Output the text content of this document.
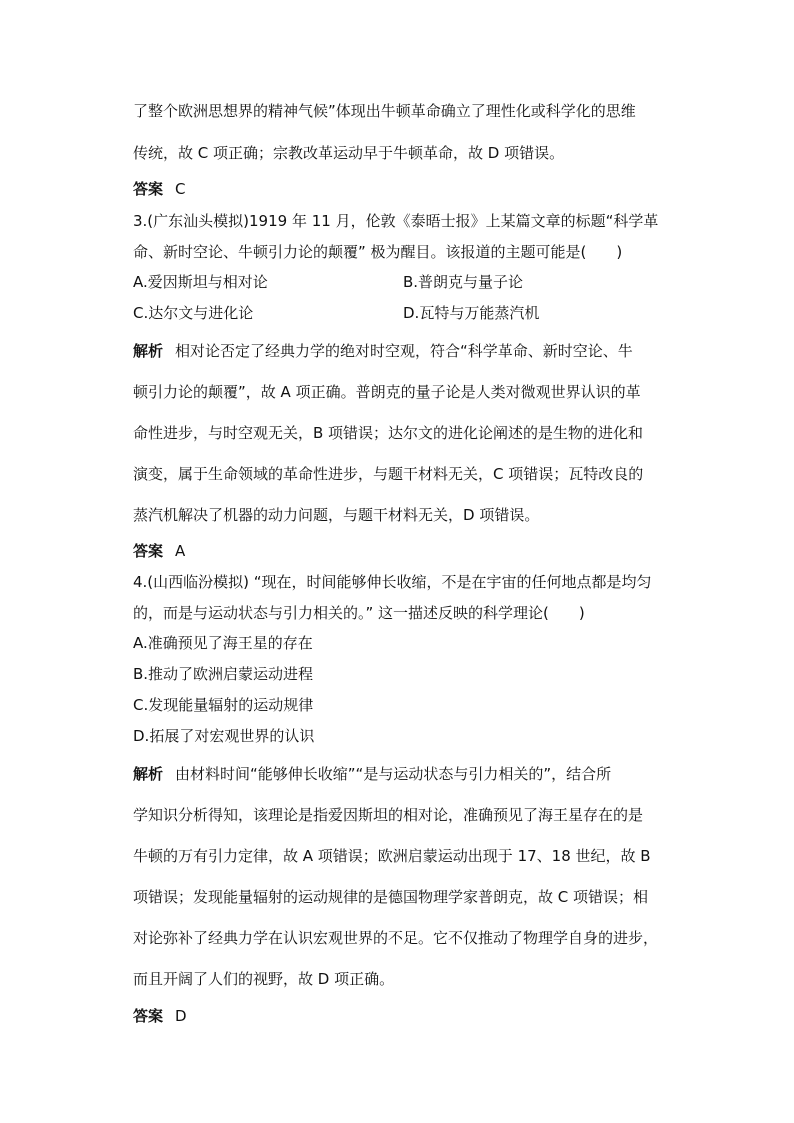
了整个欧洲思想界的精神气候”体现出牛顿革命确立了理性化或科学化的思维
传统，故 C 项正确；宗教改革运动早于牛顿革命，故 D 项错误。
答案 C
3.(广东汕头模拟)1919 年 11 月，伦敦《泰晤士报》上某篇文章的标题“科学革
命、新时空论、牛顿引力论的颠覆” 极为醒目。该报道的主题可能是(　　)
A.爱因斯坦与相对论	B.普朗克与量子论
C.达尔文与进化论	D.瓦特与万能蒸汽机
解析 相对论否定了经典力学的绝对时空观，符合“科学革命、新时空论、牛
顿引力论的颠覆”，故 A 项正确。普朗克的量子论是人类对微观世界认识的革
命性进步，与时空观无关，B 项错误；达尔文的进化论阐述的是生物的进化和
演变，属于生命领域的革命性进步，与题干材料无关，C 项错误；瓦特改良的
蒸汽机解决了机器的动力问题，与题干材料无关，D 项错误。
答案 A
4.(山西临汾模拟) “现在，时间能够伸长收缩，不是在宇宙的任何地点都是均匀
的，而是与运动状态与引力相关的。” 这一描述反映的科学理论(　　)
A.准确预见了海王星的存在
B.推动了欧洲启蒙运动进程
C.发现能量辐射的运动规律
D.拓展了对宏观世界的认识
解析 由材料时间“能够伸长收缩”“是与运动状态与引力相关的”，结合所
学知识分析得知，该理论是指爱因斯坦的相对论，准确预见了海王星存在的是
牛顿的万有引力定律，故 A 项错误；欧洲启蒙运动出现于 17、18 世纪，故 B
项错误；发现能量辐射的运动规律的是德国物理学家普朗克，故 C 项错误；相
对论弥补了经典力学在认识宏观世界的不足。它不仅推动了物理学自身的进步，
而且开阔了人们的视野，故 D 项正确。
答案 D
